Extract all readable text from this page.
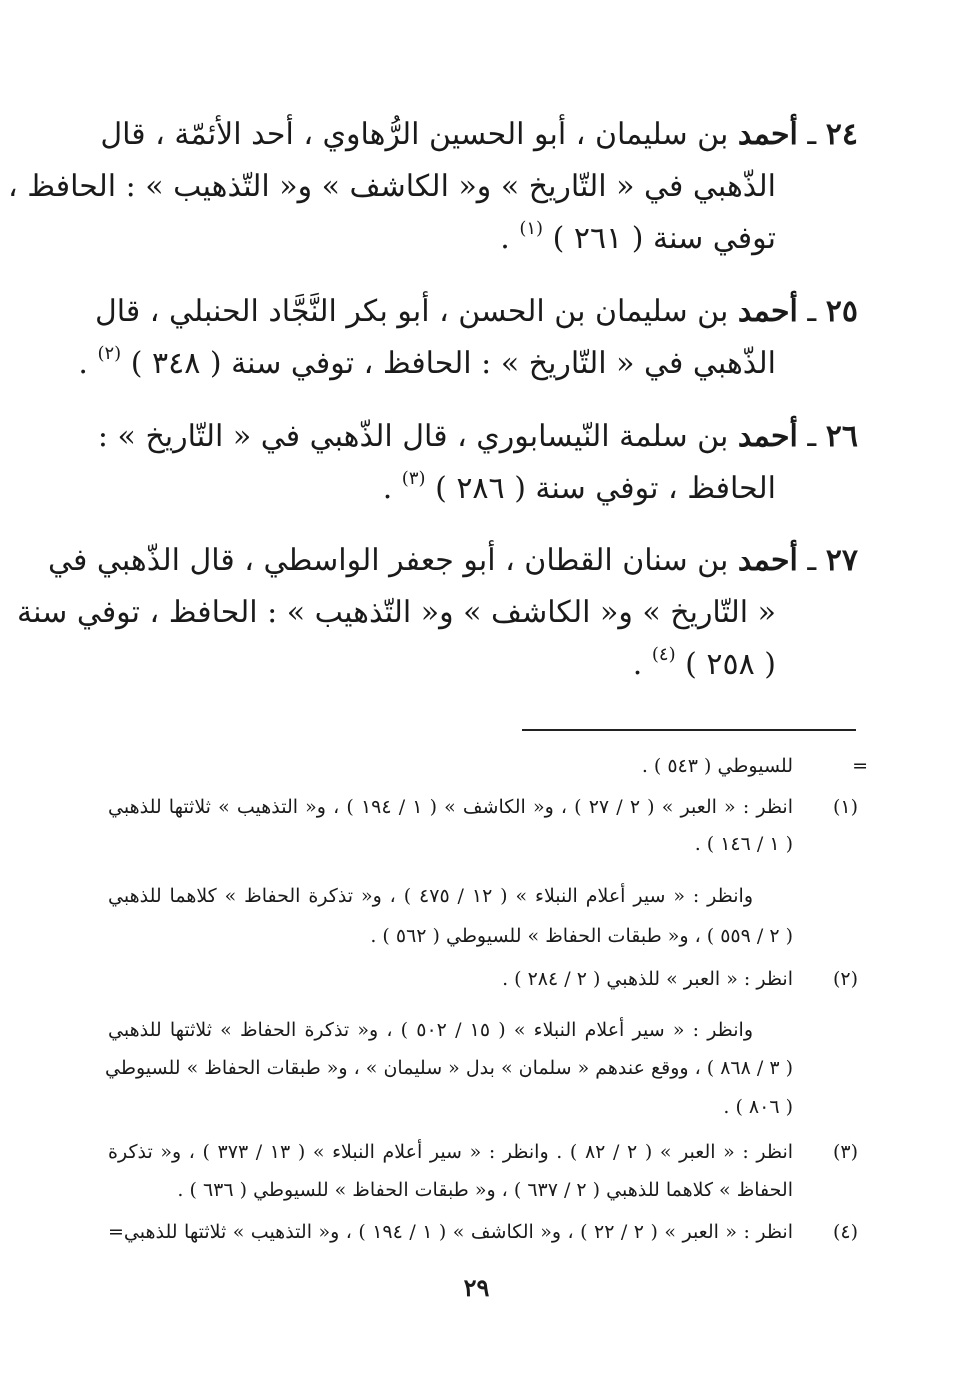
٢٤ ـ أحمد بن سليمان ، أبو الحسين الرُّهاوي ، أحد الأئمّة ، قال
الذّهبي في « التّاريخ » و« الكاشف » و« التّذهيب » : الحافظ ،
توفي سنة ( ٢٦١ ) $^{(١)}$ .
٢٥ ـ أحمد بن سليمان بن الحسن ، أبو بكر النَّجَّاد الحنبلي ، قال
الذّهبي في « التّاريخ » : الحافظ ، توفي سنة ( ٣٤٨ ) $^{(٢)}$ .
٢٦ ـ أحمد بن سلمة النّيسابوري ، قال الذّهبي في « التّاريخ » :
الحافظ ، توفي سنة ( ٢٨٦ ) $^{(٣)}$ .
٢٧ ـ أحمد بن سنان القطان ، أبو جعفر الواسطي ، قال الذّهبي في
« التّاريخ » و« الكاشف » و« التّذهيب » : الحافظ ، توفي سنة
( ٢٥٨ ) $^{(٤)}$ .
=
للسيوطي ( ٥٤٣ ) .
(١)
انظر : « العبر » ( ٢ / ٢٧ ) ، و« الكاشف » ( ١ / ١٩٤ ) ، و« التذهيب » ثلاثتها للذهبي
( ١ / ١٤٦ ) .
وانظر : « سير أعلام النبلاء » ( ١٢ / ٤٧٥ ) ، و« تذكرة الحفاظ » كلاهما للذهبي
( ٢ / ٥٥٩ ) ، و« طبقات الحفاظ » للسيوطي ( ٥٦٢ ) .
(٢)
انظر : « العبر » للذهبي ( ٢ / ٢٨٤ ) .
وانظر : « سير أعلام النبلاء » ( ١٥ / ٥٠٢ ) ، و« تذكرة الحفاظ » ثلاثتها للذهبي
( ٣ / ٨٦٨ ) ، ووقع عندهم « سلمان » بدل « سليمان » ، و« طبقات الحفاظ » للسيوطي
( ٨٠٦ ) .
(٣)
انظر : « العبر » ( ٢ / ٨٢ ) . وانظر : « سير أعلام النبلاء » ( ١٣ / ٣٧٣ ) ، و« تذكرة
الحفاظ » كلاهما للذهبي ( ٢ / ٦٣٧ ) ، و« طبقات الحفاظ » للسيوطي ( ٦٣٦ ) .
(٤)
انظر : « العبر » ( ٢ / ٢٢ ) ، و« الكاشف » ( ١ / ١٩٤ ) ، و« التذهيب » ثلاثتها للذهبي=
٢٩
